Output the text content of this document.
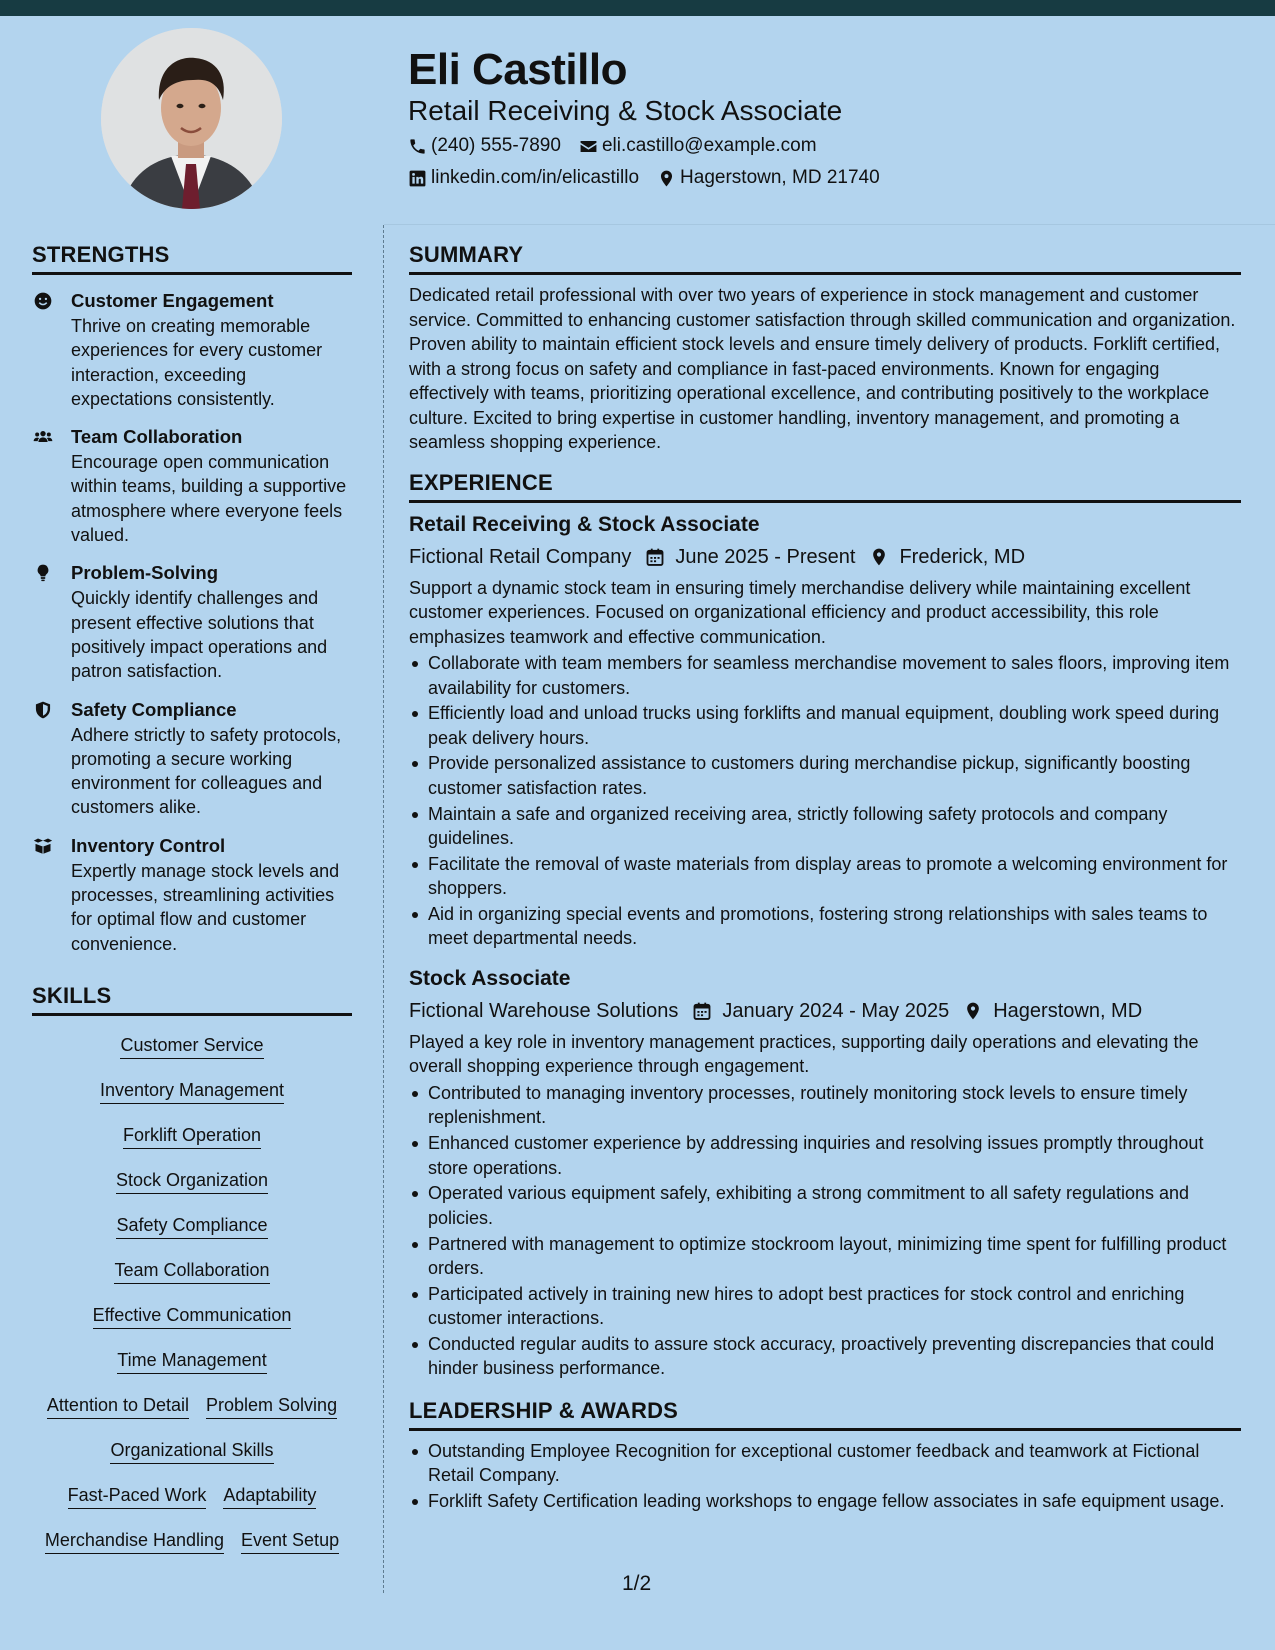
Eli Castillo
Retail Receiving & Stock Associate
(240) 555-7890 eli.castillo@example.com
linkedin.com/in/elicastillo Hagerstown, MD 21740
STRENGTHS
Customer Engagement
Thrive on creating memorable experiences for every customer interaction, exceeding expectations consistently.
Team Collaboration
Encourage open communication within teams, building a supportive atmosphere where everyone feels valued.
Problem-Solving
Quickly identify challenges and present effective solutions that positively impact operations and patron satisfaction.
Safety Compliance
Adhere strictly to safety protocols, promoting a secure working environment for colleagues and customers alike.
Inventory Control
Expertly manage stock levels and processes, streamlining activities for optimal flow and customer convenience.
SKILLS
Customer Service
Inventory Management
Forklift Operation
Stock Organization
Safety Compliance
Team Collaboration
Effective Communication
Time Management
Attention to Detail Problem Solving
Organizational Skills
Fast-Paced Work Adaptability
Merchandise Handling Event Setup
SUMMARY
Dedicated retail professional with over two years of experience in stock management and customer service. Committed to enhancing customer satisfaction through skilled communication and organization. Proven ability to maintain efficient stock levels and ensure timely delivery of products. Forklift certified, with a strong focus on safety and compliance in fast-paced environments. Known for engaging effectively with teams, prioritizing operational excellence, and contributing positively to the workplace culture. Excited to bring expertise in customer handling, inventory management, and promoting a seamless shopping experience.
EXPERIENCE
Retail Receiving & Stock Associate
Fictional Retail Company June 2025 - Present Frederick, MD
Support a dynamic stock team in ensuring timely merchandise delivery while maintaining excellent customer experiences. Focused on organizational efficiency and product accessibility, this role emphasizes teamwork and effective communication.
Collaborate with team members for seamless merchandise movement to sales floors, improving item availability for customers.
Efficiently load and unload trucks using forklifts and manual equipment, doubling work speed during peak delivery hours.
Provide personalized assistance to customers during merchandise pickup, significantly boosting customer satisfaction rates.
Maintain a safe and organized receiving area, strictly following safety protocols and company guidelines.
Facilitate the removal of waste materials from display areas to promote a welcoming environment for shoppers.
Aid in organizing special events and promotions, fostering strong relationships with sales teams to meet departmental needs.
Stock Associate
Fictional Warehouse Solutions January 2024 - May 2025 Hagerstown, MD
Played a key role in inventory management practices, supporting daily operations and elevating the overall shopping experience through engagement.
Contributed to managing inventory processes, routinely monitoring stock levels to ensure timely replenishment.
Enhanced customer experience by addressing inquiries and resolving issues promptly throughout store operations.
Operated various equipment safely, exhibiting a strong commitment to all safety regulations and policies.
Partnered with management to optimize stockroom layout, minimizing time spent for fulfilling product orders.
Participated actively in training new hires to adopt best practices for stock control and enriching customer interactions.
Conducted regular audits to assure stock accuracy, proactively preventing discrepancies that could hinder business performance.
LEADERSHIP & AWARDS
Outstanding Employee Recognition for exceptional customer feedback and teamwork at Fictional Retail Company.
Forklift Safety Certification leading workshops to engage fellow associates in safe equipment usage.
1/2
